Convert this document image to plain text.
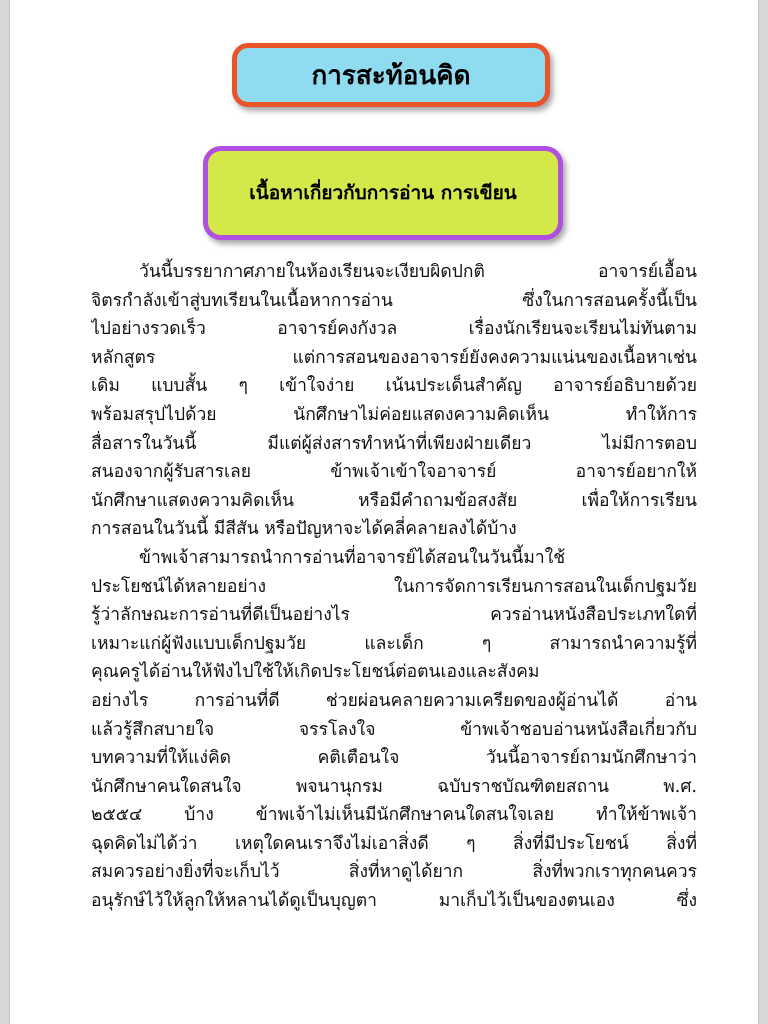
การสะท้อนคิด
เนื้อหาเกี่ยวกับการอ่าน การเขียน
วันนี้บรรยากาศภายในห้องเรียนจะเงียบผิดปกติ อาจารย์เอื้อน
จิตรกำลังเข้าสู่บทเรียนในเนื้อหาการอ่าน ซึ่งในการสอนครั้งนี้เป็น
ไปอย่างรวดเร็ว อาจารย์คงกังวล เรื่องนักเรียนจะเรียนไม่ทันตาม
หลักสูตร แต่การสอนของอาจารย์ยังคงความแน่นของเนื้อหาเช่น
เดิม แบบสั้น ๆ เข้าใจง่าย เน้นประเด็นสำคัญ อาจารย์อธิบายด้วย
พร้อมสรุปไปด้วย นักศึกษาไม่ค่อยแสดงความคิดเห็น ทำให้การ
สื่อสารในวันนี้ มีแต่ผู้ส่งสารทำหน้าที่เพียงฝ่ายเดียว ไม่มีการตอบ
สนองจากผู้รับสารเลย ข้าพเจ้าเข้าใจอาจารย์ อาจารย์อยากให้
นักศึกษาแสดงความคิดเห็น หรือมีคำถามข้อสงสัย เพื่อให้การเรียน
การสอนในวันนี้ มีสีสัน หรือปัญหาจะได้คลี่คลายลงได้บ้าง
ข้าพเจ้าสามารถนำการอ่านที่อาจารย์ได้สอนในวันนี้มาใช้
ประโยชน์ได้หลายอย่าง ในการจัดการเรียนการสอนในเด็กปฐมวัย
รู้ว่าลักษณะการอ่านที่ดีเป็นอย่างไร ควรอ่านหนังสือประเภทใดที่
เหมาะแก่ผู้ฟังแบบเด็กปฐมวัย และเด็ก ๆ สามารถนำความรู้ที่
คุณครูได้อ่านให้ฟังไปใช้ให้เกิดประโยชน์ต่อตนเองและสังคม
อย่างไร การอ่านที่ดี ช่วยผ่อนคลายความเครียดของผู้อ่านได้ อ่าน
แล้วรู้สึกสบายใจ จรรโลงใจ ข้าพเจ้าชอบอ่านหนังสือเกี่ยวกับ
บทความที่ให้แง่คิด คติเตือนใจ วันนี้อาจารย์ถามนักศึกษาว่า
นักศึกษาคนใดสนใจ พจนานุกรม ฉบับราชบัณฑิตยสถาน พ.ศ.
๒๕๕๔ บ้าง ข้าพเจ้าไม่เห็นมีนักศึกษาคนใดสนใจเลย ทำให้ข้าพเจ้า
ฉุดคิดไม่ได้ว่า เหตุใดคนเราจึงไม่เอาสิ่งดี ๆ สิ่งที่มีประโยชน์ สิ่งที่
สมควรอย่างยิ่งที่จะเก็บไว้ สิ่งที่หาดูได้ยาก สิ่งที่พวกเราทุกคนควร
อนุรักษ์ไว้ให้ลูกให้หลานได้ดูเป็นบุญตา มาเก็บไว้เป็นของตนเอง ซึ่ง
